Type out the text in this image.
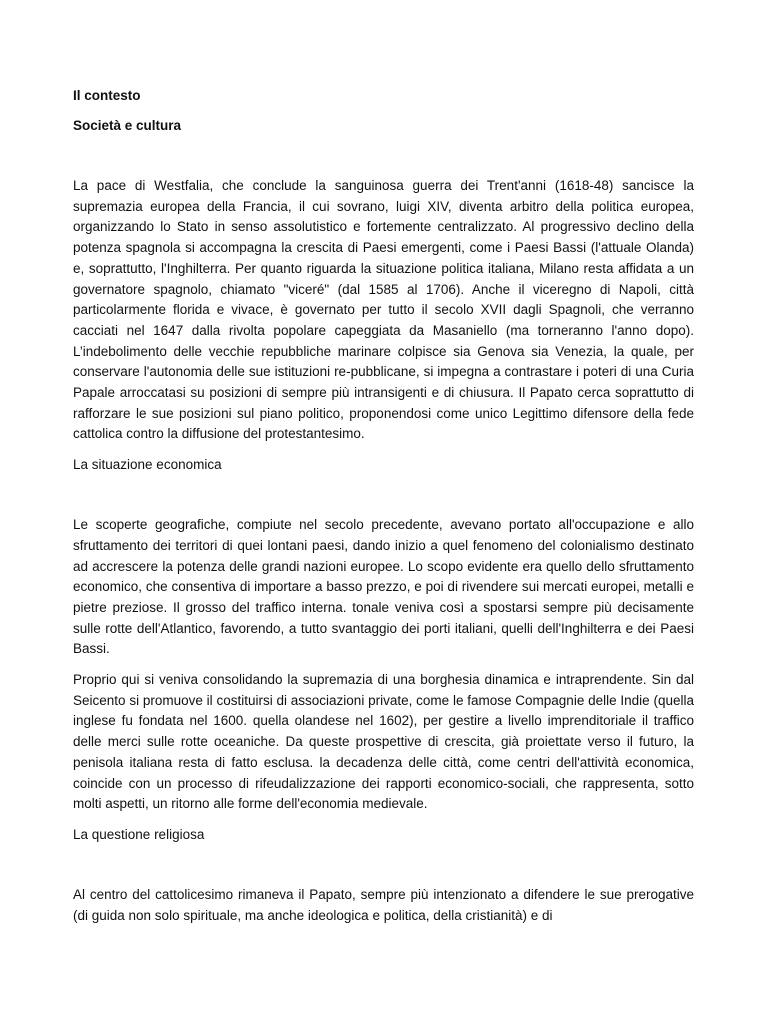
Il contesto

Società e cultura

La pace di Westfalia, che conclude la sanguinosa guerra dei Trent'anni (1618-48) sancisce la supremazia europea della Francia, il cui sovrano, luigi XIV, diventa arbitro della politica europea, organizzando lo Stato in senso assolutistico e fortemente centralizzato. Al progressivo declino della potenza spagnola si accompagna la crescita di Paesi emergenti, come i Paesi Bassi (l'attuale Olanda) e, soprattutto, l'Inghilterra. Per quanto riguarda la situazione politica italiana, Milano resta affidata a un governatore spagnolo, chiamato "viceré" (dal 1585 al 1706). Anche il viceregno di Napoli, città particolarmente florida e vivace, è governato per tutto il secolo XVII dagli Spagnoli, che verranno cacciati nel 1647 dalla rivolta popolare capeggiata da Masaniello (ma torneranno l'anno dopo). L’indebolimento delle vecchie repubbliche marinare colpisce sia Genova sia Venezia, la quale, per conservare l'autonomia delle sue istituzioni re-pubblicane, si impegna a contrastare i poteri di una Curia Papale arroccatasi su posizioni di sempre più intransigenti e di chiusura. Il Papato cerca soprattutto di rafforzare le sue posizioni sul piano politico, proponendosi come unico Legittimo difensore della fede cattolica contro la diffusione del protestantesimo.

La situazione economica

Le scoperte geografiche, compiute nel secolo precedente, avevano portato all'occupazione e allo sfruttamento dei territori di quei lontani paesi, dando inizio a quel fenomeno del colonialismo destinato ad accrescere la potenza delle grandi nazioni europee. Lo scopo evidente era quello dello sfruttamento economico, che consentiva di importare a basso prezzo, e poi di rivendere sui mercati europei, metalli e pietre preziose. Il grosso del traffico interna. tonale veniva così a spostarsi sempre più decisamente sulle rotte dell'Atlantico, favorendo, a tutto svantaggio dei porti italiani, quelli dell'Inghilterra e dei Paesi Bassi.

Proprio qui si veniva consolidando la supremazia di una borghesia dinamica e intraprendente. Sin dal Seicento si promuove il costituirsi di associazioni private, come le famose Compagnie delle Indie (quella inglese fu fondata nel 1600. quella olandese nel 1602), per gestire a livello imprenditoriale il traffico delle merci sulle rotte oceaniche. Da queste prospettive di crescita, già proiettate verso il futuro, la penisola italiana resta di fatto esclusa. la decadenza delle città, come centri dell'attività economica, coincide con un processo di rifeudalizzazione dei rapporti economico-sociali, che rappresenta, sotto molti aspetti, un ritorno alle forme dell'economia medievale.

La questione religiosa

Al centro del cattolicesimo rimaneva il Papato, sempre più intenzionato a difendere le sue prerogative (di guida non solo spirituale, ma anche ideologica e politica, della cristianità) e di
